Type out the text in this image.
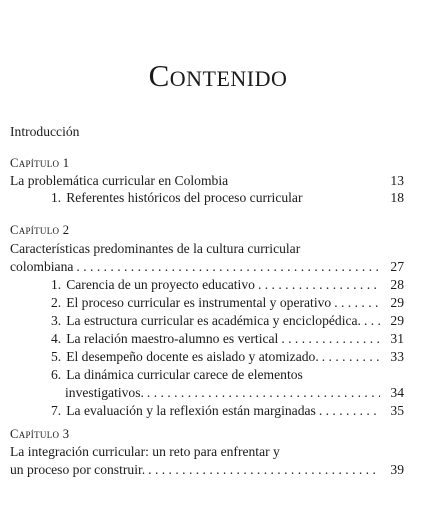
Contenido
Introducción
Capítulo 1
La problemática curricular en Colombia	13
1. Referentes históricos del proceso curricular	18
Capítulo 2
Características predominantes de la cultura curricular
colombiana . . .	27
1. Carencia de un proyecto educativo . . .	28
2. El proceso curricular es instrumental y operativo . . .	29
3. La estructura curricular es académica y enciclopédica. . . .	29
4. La relación maestro-alumno es vertical . . .	31
5. El desempeño docente es aislado y atomizado. . . .	33
6. La dinámica curricular carece de elementos
investigativos. . . .	34
7. La evaluación y la reflexión están marginadas . . .	35
Capítulo 3
La integración curricular: un reto para enfrentar y
un proceso por construir. . . .	39
